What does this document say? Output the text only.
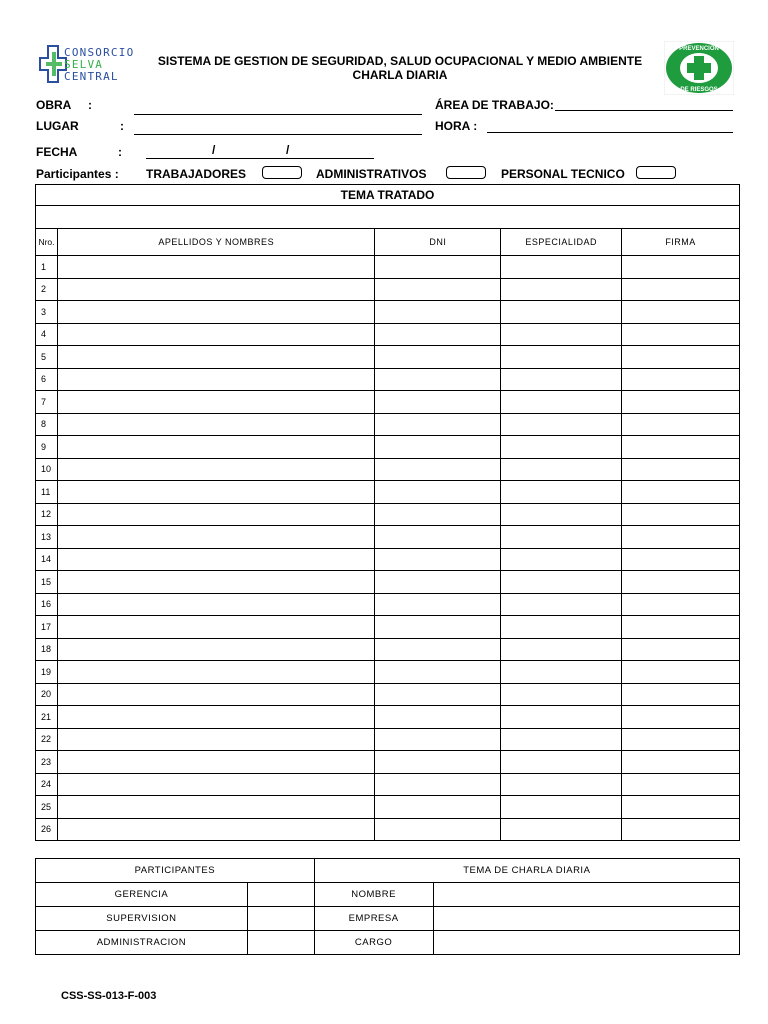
CONSORCIO
SELVA
CENTRAL
SISTEMA DE GESTION DE SEGURIDAD, SALUD OCUPACIONAL Y MEDIO AMBIENTE
CHARLA DIARIA
PREVENCION
DE RIESGOS
OBRA :	ÁREA DE TRABAJO:
LUGAR	:	HORA :
FECHA	:	/	/
Participantes : TRABAJADORES	ADMINISTRATIVOS	PERSONAL TECNICO
TEMA TRATADO				

Nro.	APELLIDOS Y NOMBRES	DNI	ESPECIALIDAD	FIRMA
1				
2				
3				
4				
5				
6				
7				
8				
9				
10				
11				
12				
13				
14				
15				
16				
17				
18				
19				
20				
21				
22				
23				
24				
25				
26				
PARTICIPANTES		TEMA DE CHARLA DIARIA	
GERENCIA		NOMBRE	
SUPERVISION		EMPRESA	
ADMINISTRACION		CARGO	
CSS-SS-013-F-003
